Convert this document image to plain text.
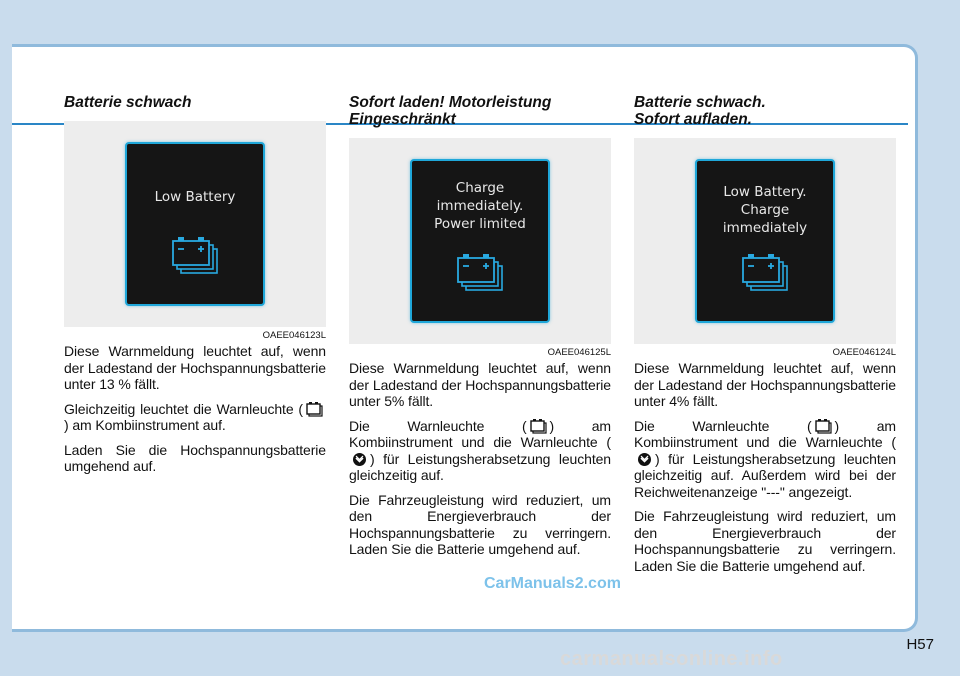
Batterie schwach
Low Battery
OAEE046123L

Diese Warnmeldung leuchtet auf, wenn der Ladestand der Hochspannungsbatterie unter 13 % fällt.

Gleichzeitig leuchtet die Warnleuchte () am Kombiinstrument auf.

Laden Sie die Hochspannungsbatterie umgehend auf.

Sofort laden! Motorleistung
Eingeschränkt
Charge
immediately.
Power limited
OAEE046125L

Diese Warnmeldung leuchtet auf, wenn der Ladestand der Hochspannungsbatterie unter 5% fällt.

Die Warnleuchte ( ) am Kombiinstrument und die Warnleuchte () für Leistungsherabsetzung leuchten gleichzeitig auf.

Die Fahrzeugleistung wird reduziert, um den Energieverbrauch der Hochspannungsbatterie zu verringern. Laden Sie die Batterie umgehend auf.

Batterie schwach.
Sofort aufladen.
Low Battery.
Charge
immediately
OAEE046124L

Diese Warnmeldung leuchtet auf, wenn der Ladestand der Hochspannungsbatterie unter 4% fällt.

Die Warnleuchte ( ) am Kombiinstrument und die Warnleuchte () für Leistungsherabsetzung leuchten gleichzeitig auf. Außerdem wird bei der Reichweitenanzeige "---" angezeigt.

Die Fahrzeugleistung wird reduziert, um den Energieverbrauch der Hochspannungsbatterie zu verringern. Laden Sie die Batterie umgehend auf.

CarManuals2.com
H57
carmanualsonline.info
